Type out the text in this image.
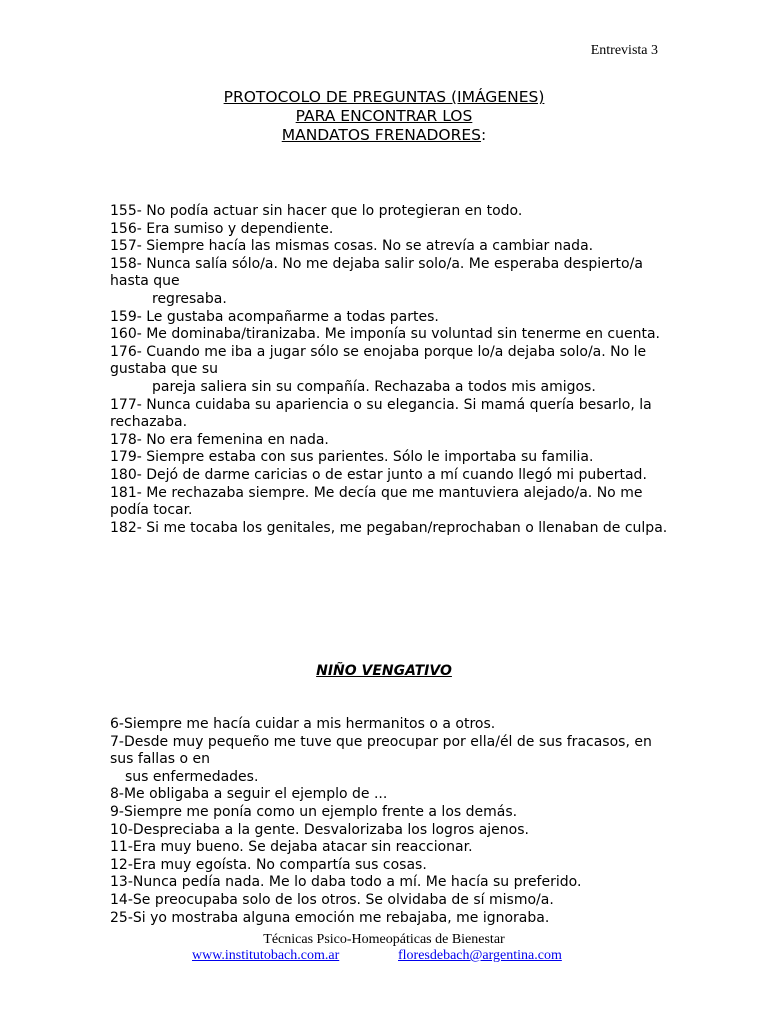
Entrevista 3
PROTOCOLO DE PREGUNTAS (IMÁGENES)
PARA ENCONTRAR LOS
MANDATOS FRENADORES:
155- No podía actuar sin hacer que lo protegieran en todo.
156- Era sumiso y dependiente.
157- Siempre hacía las mismas cosas. No se atrevía a cambiar nada.
158- Nunca salía sólo/a. No me dejaba salir solo/a. Me esperaba despierto/a hasta que
regresaba.
159- Le gustaba acompañarme a todas partes.
160- Me dominaba/tiranizaba. Me imponía su voluntad sin tenerme en cuenta.
176- Cuando me iba a jugar sólo se enojaba porque lo/a dejaba solo/a. No le gustaba que su
pareja saliera sin su compañía. Rechazaba a todos mis amigos.
177- Nunca cuidaba su apariencia o su elegancia. Si mamá quería besarlo, la rechazaba.
178- No era femenina en nada.
179- Siempre estaba con sus parientes. Sólo le importaba su familia.
180- Dejó de darme caricias o de estar junto a mí cuando llegó mi pubertad.
181- Me rechazaba siempre. Me decía que me mantuviera alejado/a. No me podía tocar.
182- Si me tocaba los genitales, me pegaban/reprochaban o llenaban de culpa.
NIÑO VENGATIVO
6-Siempre me hacía cuidar a mis hermanitos o a otros.
7-Desde muy pequeño me tuve que preocupar por ella/él de sus fracasos, en sus fallas o en
sus enfermedades.
8-Me obligaba a seguir el ejemplo de ...
9-Siempre me ponía como un ejemplo frente a los demás.
10-Despreciaba a la gente. Desvalorizaba los logros ajenos.
11-Era muy bueno. Se dejaba atacar sin reaccionar.
12-Era muy egoísta. No compartía sus cosas.
13-Nunca pedía nada. Me lo daba todo a mí. Me hacía su preferido.
14-Se preocupaba solo de los otros. Se olvidaba de sí mismo/a.
25-Si yo mostraba alguna emoción me rebajaba, me ignoraba.
Técnicas Psico-Homeopáticas de Bienestar
www.institutobach.com.ar	floresdebach@argentina.com
